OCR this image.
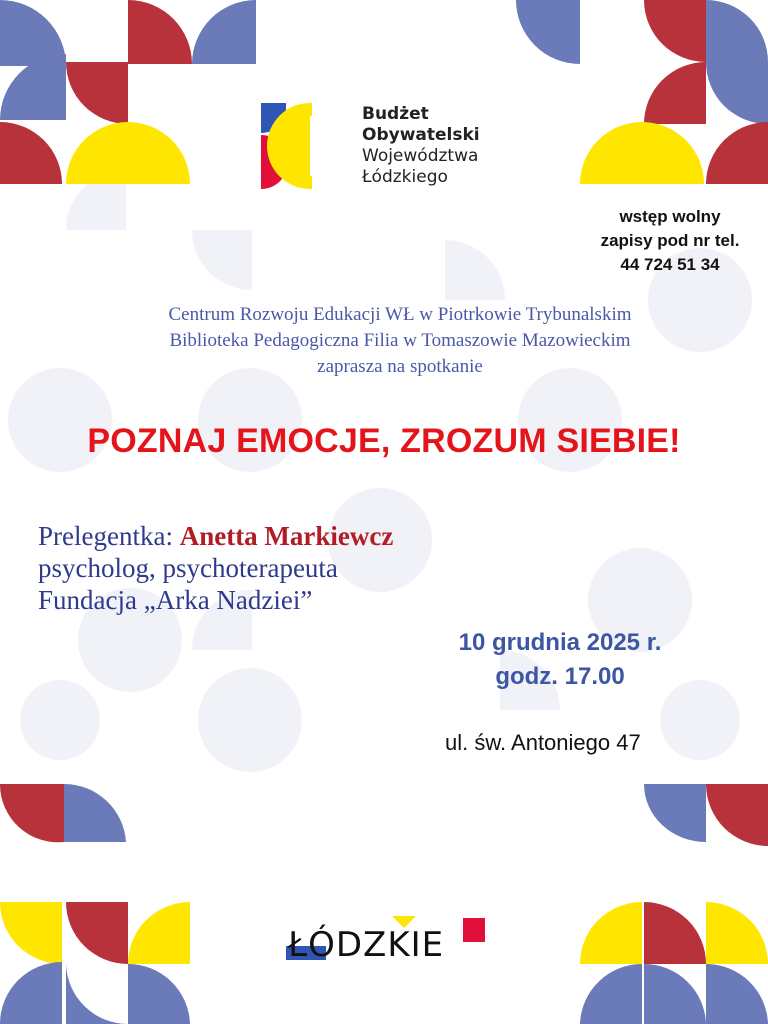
Budżet
Obywatelski
Województwa
Łódzkiego
wstęp wolny
zapisy pod nr tel.
44 724 51 34
Centrum Rozwoju Edukacji WŁ w Piotrkowie Trybunalskim
Biblioteka Pedagogiczna Filia w Tomaszowie Mazowieckim
zaprasza na spotkanie
POZNAJ EMOCJE, ZROZUM SIEBIE!
Prelegentka: Anetta Markiewcz
psycholog, psychoterapeuta
Fundacja „Arka Nadziei”
10 grudnia 2025 r.
godz. 17.00
ul. św. Antoniego 47
ŁÓDZKIE
